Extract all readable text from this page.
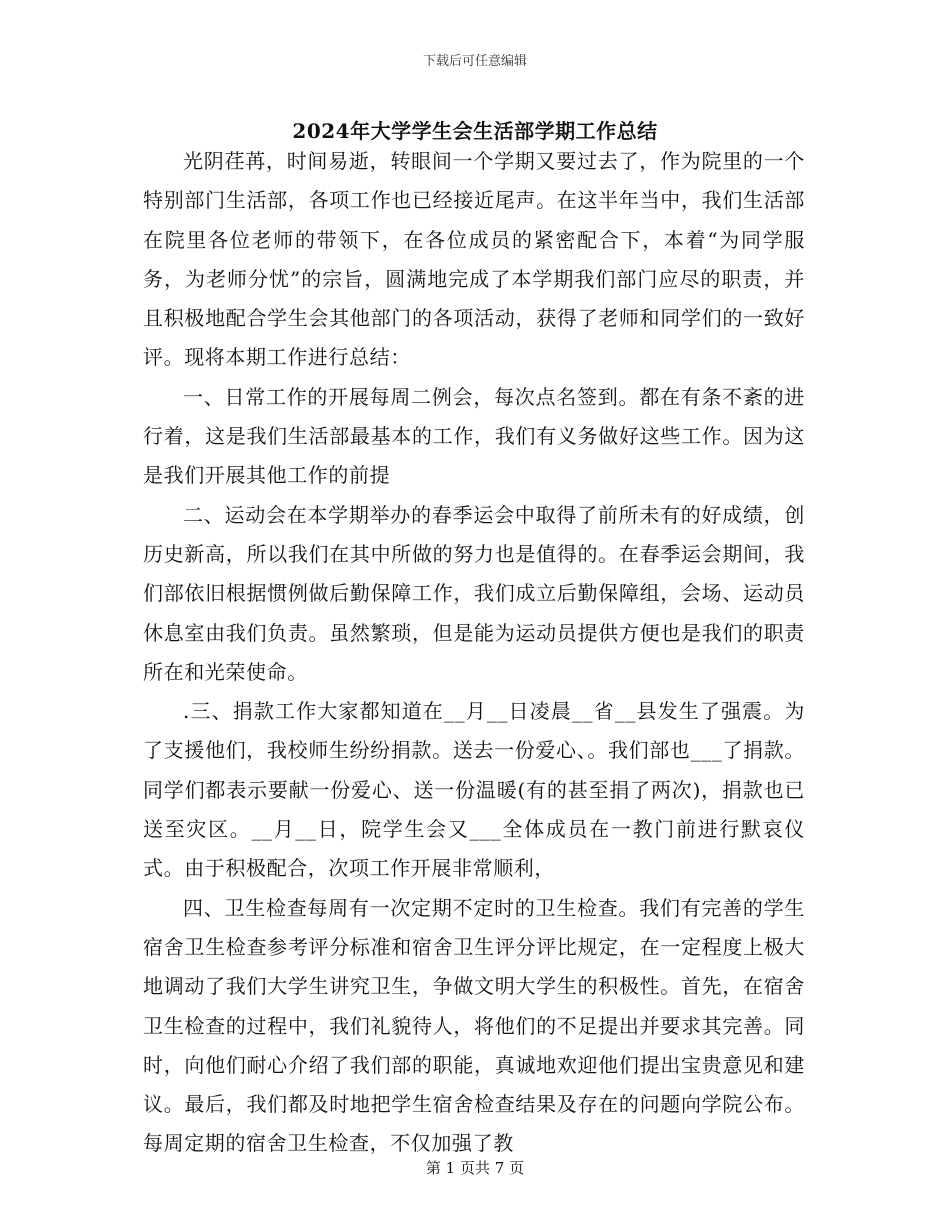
下载后可任意编辑
2024年大学学生会生活部学期工作总结

光阴荏苒，时间易逝，转眼间一个学期又要过去了，作为院里的一个特别部门生活部，各项工作也已经接近尾声。在这半年当中，我们生活部在院里各位老师的带领下，在各位成员的紧密配合下，本着“为同学服务，为老师分忧”的宗旨，圆满地完成了本学期我们部门应尽的职责，并且积极地配合学生会其他部门的各项活动，获得了老师和同学们的一致好评。现将本期工作进行总结：

一、日常工作的开展每周二例会，每次点名签到。都在有条不紊的进行着，这是我们生活部最基本的工作，我们有义务做好这些工作。因为这是我们开展其他工作的前提

二、运动会在本学期举办的春季运会中取得了前所未有的好成绩，创历史新高，所以我们在其中所做的努力也是值得的。在春季运会期间，我们部依旧根据惯例做后勤保障工作，我们成立后勤保障组，会场、运动员休息室由我们负责。虽然繁琐，但是能为运动员提供方便也是我们的职责所在和光荣使命。

.三、捐款工作大家都知道在__月__日凌晨__省__县发生了强震。为了支援他们，我校师生纷纷捐款。送去一份爱心、。我们部也___了捐款。同学们都表示要献一份爱心、送一份温暖(有的甚至捐了两次)，捐款也已送至灾区。__月__日，院学生会又___全体成员在一教门前进行默哀仪式。由于积极配合，次项工作开展非常顺利，

四、卫生检查每周有一次定期不定时的卫生检查。我们有完善的学生宿舍卫生检查参考评分标准和宿舍卫生评分评比规定，在一定程度上极大地调动了我们大学生讲究卫生，争做文明大学生的积极性。首先，在宿舍卫生检查的过程中，我们礼貌待人，将他们的不足提出并要求其完善。同时，向他们耐心介绍了我们部的职能，真诚地欢迎他们提出宝贵意见和建议。最后，我们都及时地把学生宿舍检查结果及存在的问题向学院公布。每周定期的宿舍卫生检查，不仅加强了教

第 1 页共 7 页
